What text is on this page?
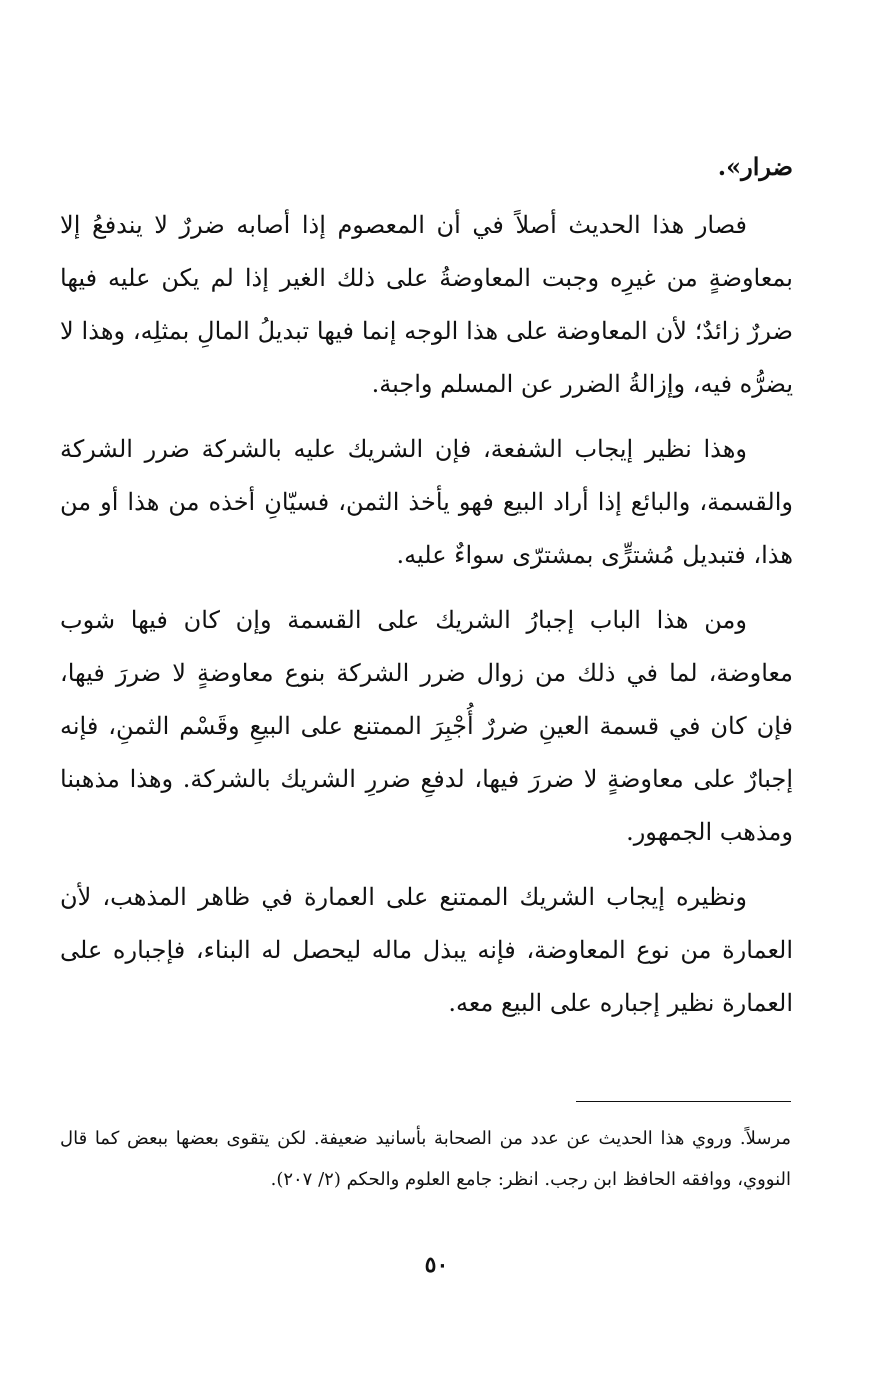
ضرار».

فصار هذا الحديث أصلاً في أن المعصوم إذا أصابه ضررٌ لا يندفعُ إلا بمعاوضةٍ من غيرِه وجبت المعاوضةُ على ذلك الغير إذا لم يكن عليه فيها ضررٌ زائدٌ؛ لأن المعاوضة على هذا الوجه إنما فيها تبديلُ المالِ بمثلِه، وهذا لا يضرُّه فيه، وإزالةُ الضرر عن المسلم واجبة.

وهذا نظير إيجاب الشفعة، فإن الشريك عليه بالشركة ضرر الشركة والقسمة، والبائع إذا أراد البيع فهو يأخذ الثمن، فسيّانِ أخذه من هذا أو من هذا، فتبديل مُشترٍّى بمشترّى سواءٌ عليه.

ومن هذا الباب إجبارُ الشريك على القسمة وإن كان فيها شوب معاوضة، لما في ذلك من زوال ضرر الشركة بنوع معاوضةٍ لا ضررَ فيها، فإن كان في قسمة العينِ ضررٌ أُجْبِرَ الممتنع على البيعِ وقَسْم الثمنِ، فإنه إجبارٌ على معاوضةٍ لا ضررَ فيها، لدفعِ ضررِ الشريك بالشركة. وهذا مذهبنا ومذهب الجمهور.

ونظيره إيجاب الشريك الممتنع على العمارة في ظاهر المذهب، لأن العمارة من نوع المعاوضة، فإنه يبذل ماله ليحصل له البناء، فإجباره على العمارة نظير إجباره على البيع معه.

مرسلاً. وروي هذا الحديث عن عدد من الصحابة بأسانيد ضعيفة. لكن يتقوى بعضها ببعض كما قال النووي، ووافقه الحافظ ابن رجب. انظر: جامع العلوم والحكم (٢/ ٢٠٧).

٥٠
